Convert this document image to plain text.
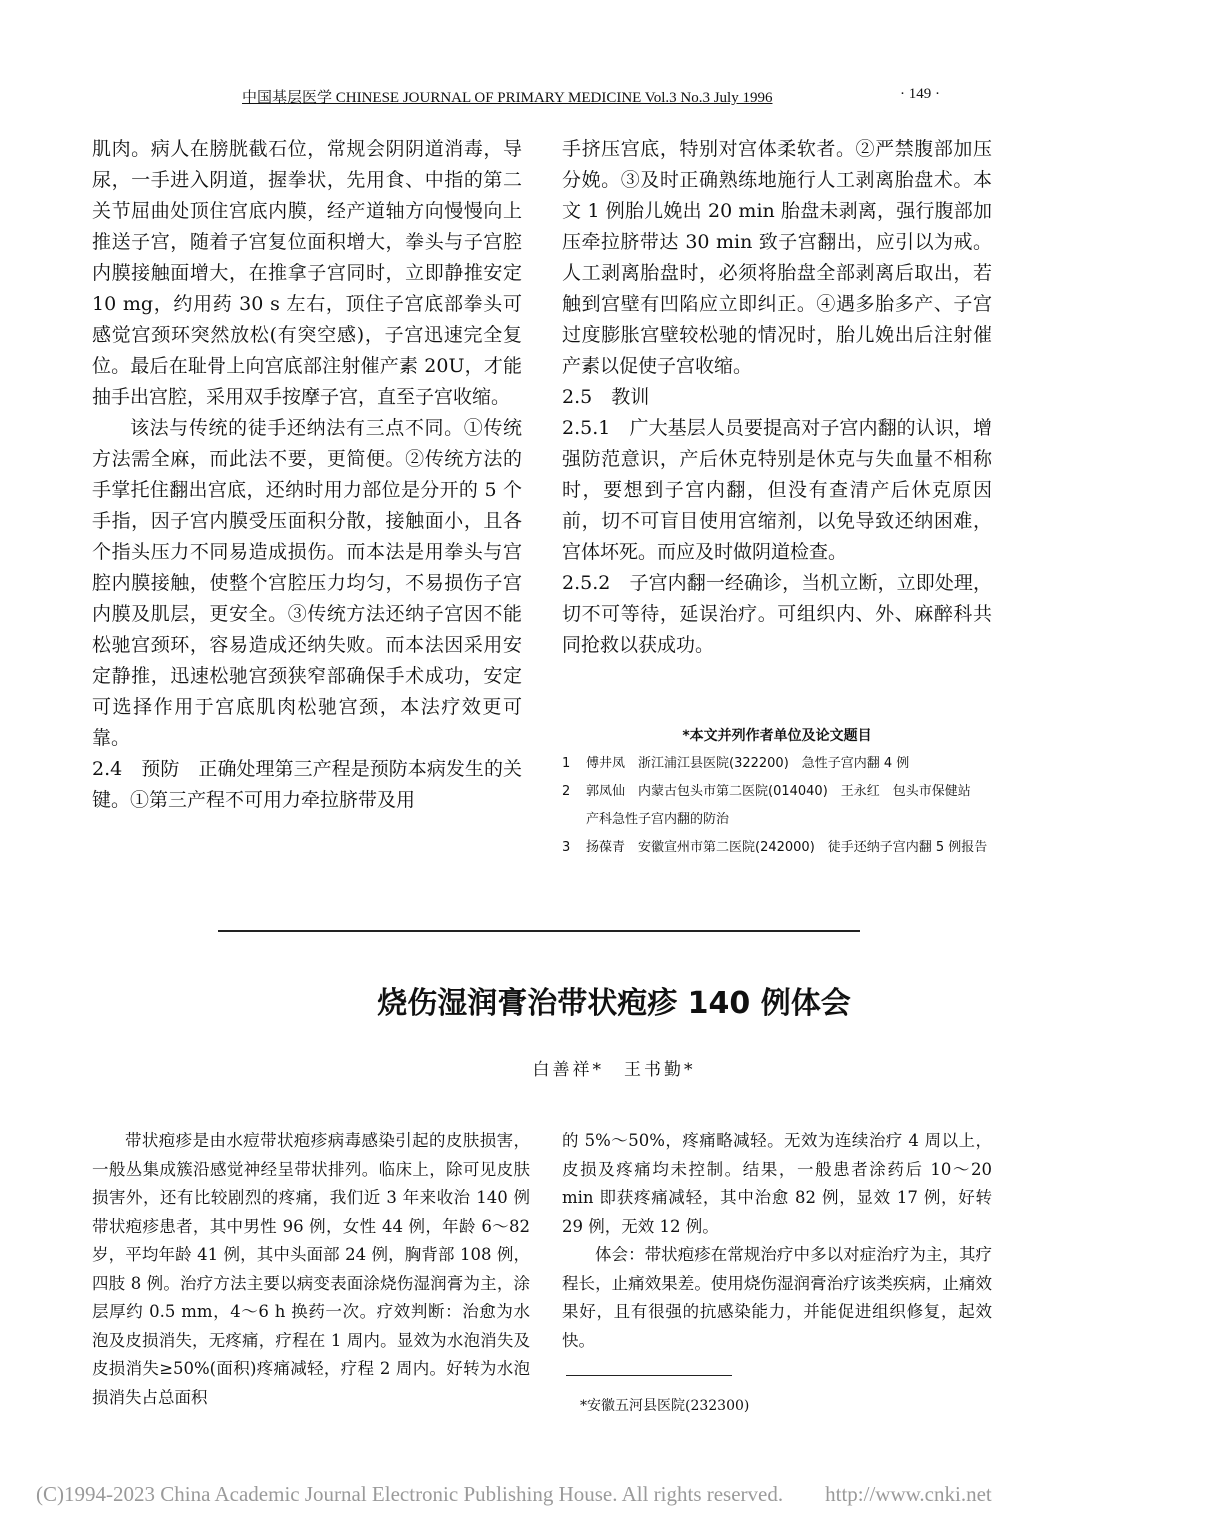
中国基层医学 CHINESE JOURNAL OF PRIMARY MEDICINE Vol.3 No.3 July 1996	· 149 ·

肌肉。病人在膀胱截石位，常规会阴阴道消毒，导尿，一手进入阴道，握拳状，先用食、中指的第二关节屈曲处顶住宫底内膜，经产道轴方向慢慢向上推送子宫，随着子宫复位面积增大，拳头与子宫腔内膜接触面增大，在推拿子宫同时，立即静推安定 10 mg，约用药 30 s 左右，顶住子宫底部拳头可感觉宫颈环突然放松(有突空感)，子宫迅速完全复位。最后在耻骨上向宫底部注射催产素 20U，才能抽手出宫腔，采用双手按摩子宫，直至子宫收缩。

该法与传统的徒手还纳法有三点不同。①传统方法需全麻，而此法不要，更简便。②传统方法的手掌托住翻出宫底，还纳时用力部位是分开的 5 个手指，因子宫内膜受压面积分散，接触面小，且各个指头压力不同易造成损伤。而本法是用拳头与宫腔内膜接触，使整个宫腔压力均匀，不易损伤子宫内膜及肌层，更安全。③传统方法还纳子宫因不能松驰宫颈环，容易造成还纳失败。而本法因采用安定静推，迅速松驰宫颈狭窄部确保手术成功，安定可选择作用于宫底肌肉松驰宫颈，本法疗效更可靠。

2.4　预防　正确处理第三产程是预防本病发生的关键。①第三产程不可用力牵拉脐带及用

手挤压宫底，特别对宫体柔软者。②严禁腹部加压分娩。③及时正确熟练地施行人工剥离胎盘术。本文 1 例胎儿娩出 20 min 胎盘未剥离，强行腹部加压牵拉脐带达 30 min 致子宫翻出，应引以为戒。人工剥离胎盘时，必须将胎盘全部剥离后取出，若触到宫壁有凹陷应立即纠正。④遇多胎多产、子宫过度膨胀宫壁较松驰的情况时，胎儿娩出后注射催产素以促使子宫收缩。

2.5　教训

2.5.1　广大基层人员要提高对子宫内翻的认识，增强防范意识，产后休克特别是休克与失血量不相称时，要想到子宫内翻，但没有查清产后休克原因前，切不可盲目使用宫缩剂，以免导致还纳困难，宫体坏死。而应及时做阴道检查。

2.5.2　子宫内翻一经确诊，当机立断，立即处理，切不可等待，延误治疗。可组织内、外、麻醉科共同抢救以获成功。

*本文并列作者单位及论文题目
1	傅井凤　浙江浦江县医院(322200)　急性子宫内翻 4 例
2	郭凤仙　内蒙古包头市第二医院(014040)　王永红　包头市保健站　产科急性子宫内翻的防治
3	扬葆青　安徽宣州市第二医院(242000)　徒手还纳子宫内翻 5 例报告
烧伤湿润膏治带状疱疹 140 例体会
白善祥*　王书勤*

带状疱疹是由水痘带状疱疹病毒感染引起的皮肤损害，一般丛集成簇沿感觉神经呈带状排列。临床上，除可见皮肤损害外，还有比较剧烈的疼痛，我们近 3 年来收治 140 例带状疱疹患者，其中男性 96 例，女性 44 例，年龄 6～82 岁，平均年龄 41 例，其中头面部 24 例，胸背部 108 例，四肢 8 例。治疗方法主要以病变表面涂烧伤湿润膏为主，涂层厚约 0.5 mm，4～6 h 换药一次。疗效判断：治愈为水泡及皮损消失，无疼痛，疗程在 1 周内。显效为水泡消失及皮损消失≥50%(面积)疼痛减轻，疗程 2 周内。好转为水泡损消失占总面积

的 5%～50%，疼痛略减轻。无效为连续治疗 4 周以上，皮损及疼痛均未控制。结果，一般患者涂药后 10～20 min 即获疼痛减轻，其中治愈 82 例，显效 17 例，好转 29 例，无效 12 例。

体会：带状疱疹在常规治疗中多以对症治疗为主，其疗程长，止痛效果差。使用烧伤湿润膏治疗该类疾病，止痛效果好，且有很强的抗感染能力，并能促进组织修复，起效快。

*安徽五河县医院(232300)
(C)1994-2023 China Academic Journal Electronic Publishing House. All rights reserved.　　http://www.cnki.net
